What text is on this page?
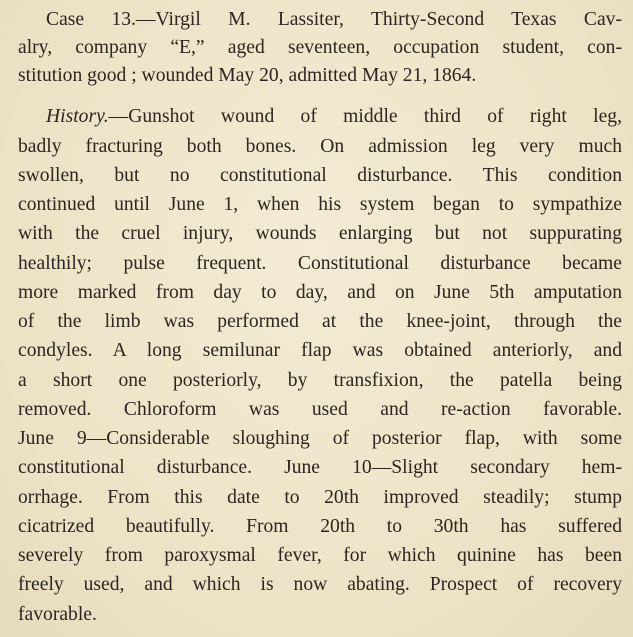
Case 13.—Virgil M. Lassiter, Thirty-Second Texas Cav-
alry, company “E,” aged seventeen, occupation student, con-
stitution good ; wounded May 20, admitted May 21, 1864.
History.—Gunshot wound of middle third of right leg,
badly fracturing both bones. On admission leg very much
swollen, but no constitutional disturbance. This condition
continued until June 1, when his system began to sympathize
with the cruel injury, wounds enlarging but not suppurating
healthily; pulse frequent. Constitutional disturbance became
more marked from day to day, and on June 5th amputation
of the limb was performed at the knee-joint, through the
condyles. A long semilunar flap was obtained anteriorly, and
a short one posteriorly, by transfixion, the patella being
removed. Chloroform was used and re-action favorable.
June 9—Considerable sloughing of posterior flap, with some
constitutional disturbance. June 10—Slight secondary hem-
orrhage. From this date to 20th improved steadily; stump
cicatrized beautifully. From 20th to 30th has suffered
severely from paroxysmal fever, for which quinine has been
freely used, and which is now abating. Prospect of recovery
favorable.
